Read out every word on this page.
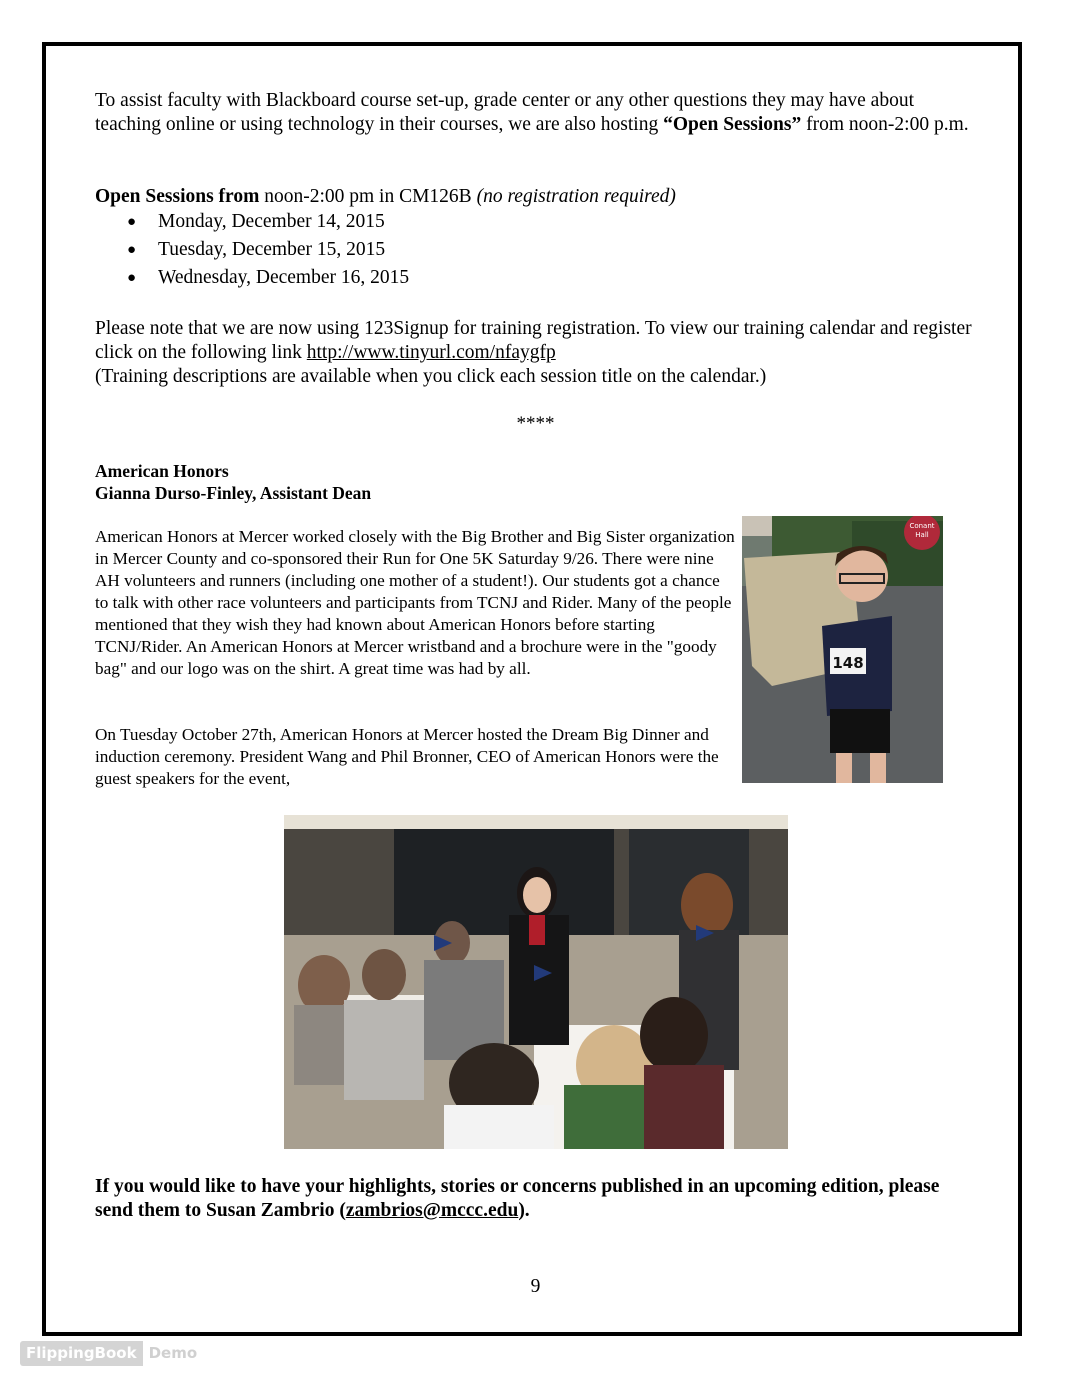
To assist faculty with Blackboard course set-up, grade center or any other questions they may have about teaching online or using technology in their courses, we are also hosting “Open Sessions” from noon-2:00 p.m.
Open Sessions from noon-2:00 pm in CM126B (no registration required)
● Monday, December 14, 2015
● Tuesday, December 15, 2015
● Wednesday, December 16, 2015
Please note that we are now using 123Signup for training registration. To view our training calendar and register click on the following link http://www.tinyurl.com/nfaygfp
(Training descriptions are available when you click each session title on the calendar.)
****
American Honors
Gianna Durso-Finley, Assistant Dean
American Honors at Mercer worked closely with the Big Brother and Big Sister organization in Mercer County and co-sponsored their Run for One 5K Saturday 9/26. There were nine AH volunteers and runners (including one mother of a student!). Our students got a chance to talk with other race volunteers and participants from TCNJ and Rider. Many of the people mentioned that they wish they had known about American Honors before starting TCNJ/Rider. An American Honors at Mercer wristband and a brochure were in the "goody bag" and our logo was on the shirt. A great time was had by all.
On Tuesday October 27th, American Honors at Mercer hosted the Dream Big Dinner and induction ceremony. President Wang and Phil Bronner, CEO of American Honors were the guest speakers for the event,
Conant
Hall
148
If you would like to have your highlights, stories or concerns published in an upcoming edition, please send them to Susan Zambrio (zambrios@mccc.edu).
9
FlippingBook Demo
